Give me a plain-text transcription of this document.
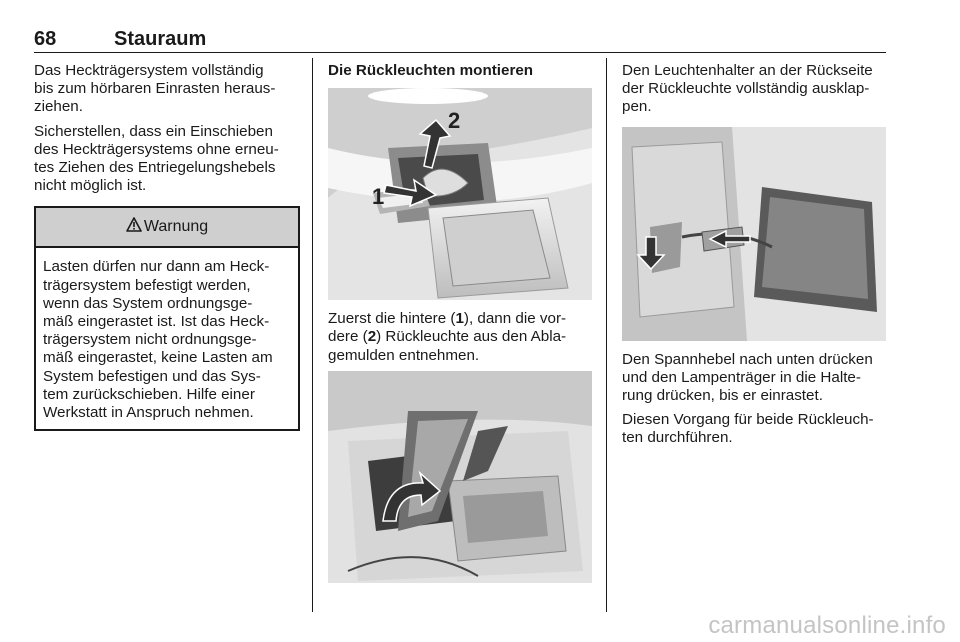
68	Stauraum
Das Heckträgersystem vollständig
bis zum hörbaren Einrasten heraus-
ziehen.
Sicherstellen, dass ein Einschieben
des Heckträgersystems ohne erneu-
tes Ziehen des Entriegelungshebels
nicht möglich ist.
Warnung
Lasten dürfen nur dann am Heck-
trägersystem befestigt werden,
wenn das System ordnungsge-
mäß eingerastet ist. Ist das Heck-
trägersystem nicht ordnungsge-
mäß eingerastet, keine Lasten am
System befestigen und das Sys-
tem zurückschieben. Hilfe einer
Werkstatt in Anspruch nehmen.
Die Rückleuchten montieren
2
1
Zuerst die hintere (1), dann die vor-
dere (2) Rückleuchte aus den Abla-
gemulden entnehmen.
Den Leuchtenhalter an der Rückseite
der Rückleuchte vollständig ausklap-
pen.
Den Spannhebel nach unten drücken
und den Lampenträger in die Halte-
rung drücken, bis er einrastet.
Diesen Vorgang für beide Rückleuch-
ten durchführen.
carmanualsonline.info
